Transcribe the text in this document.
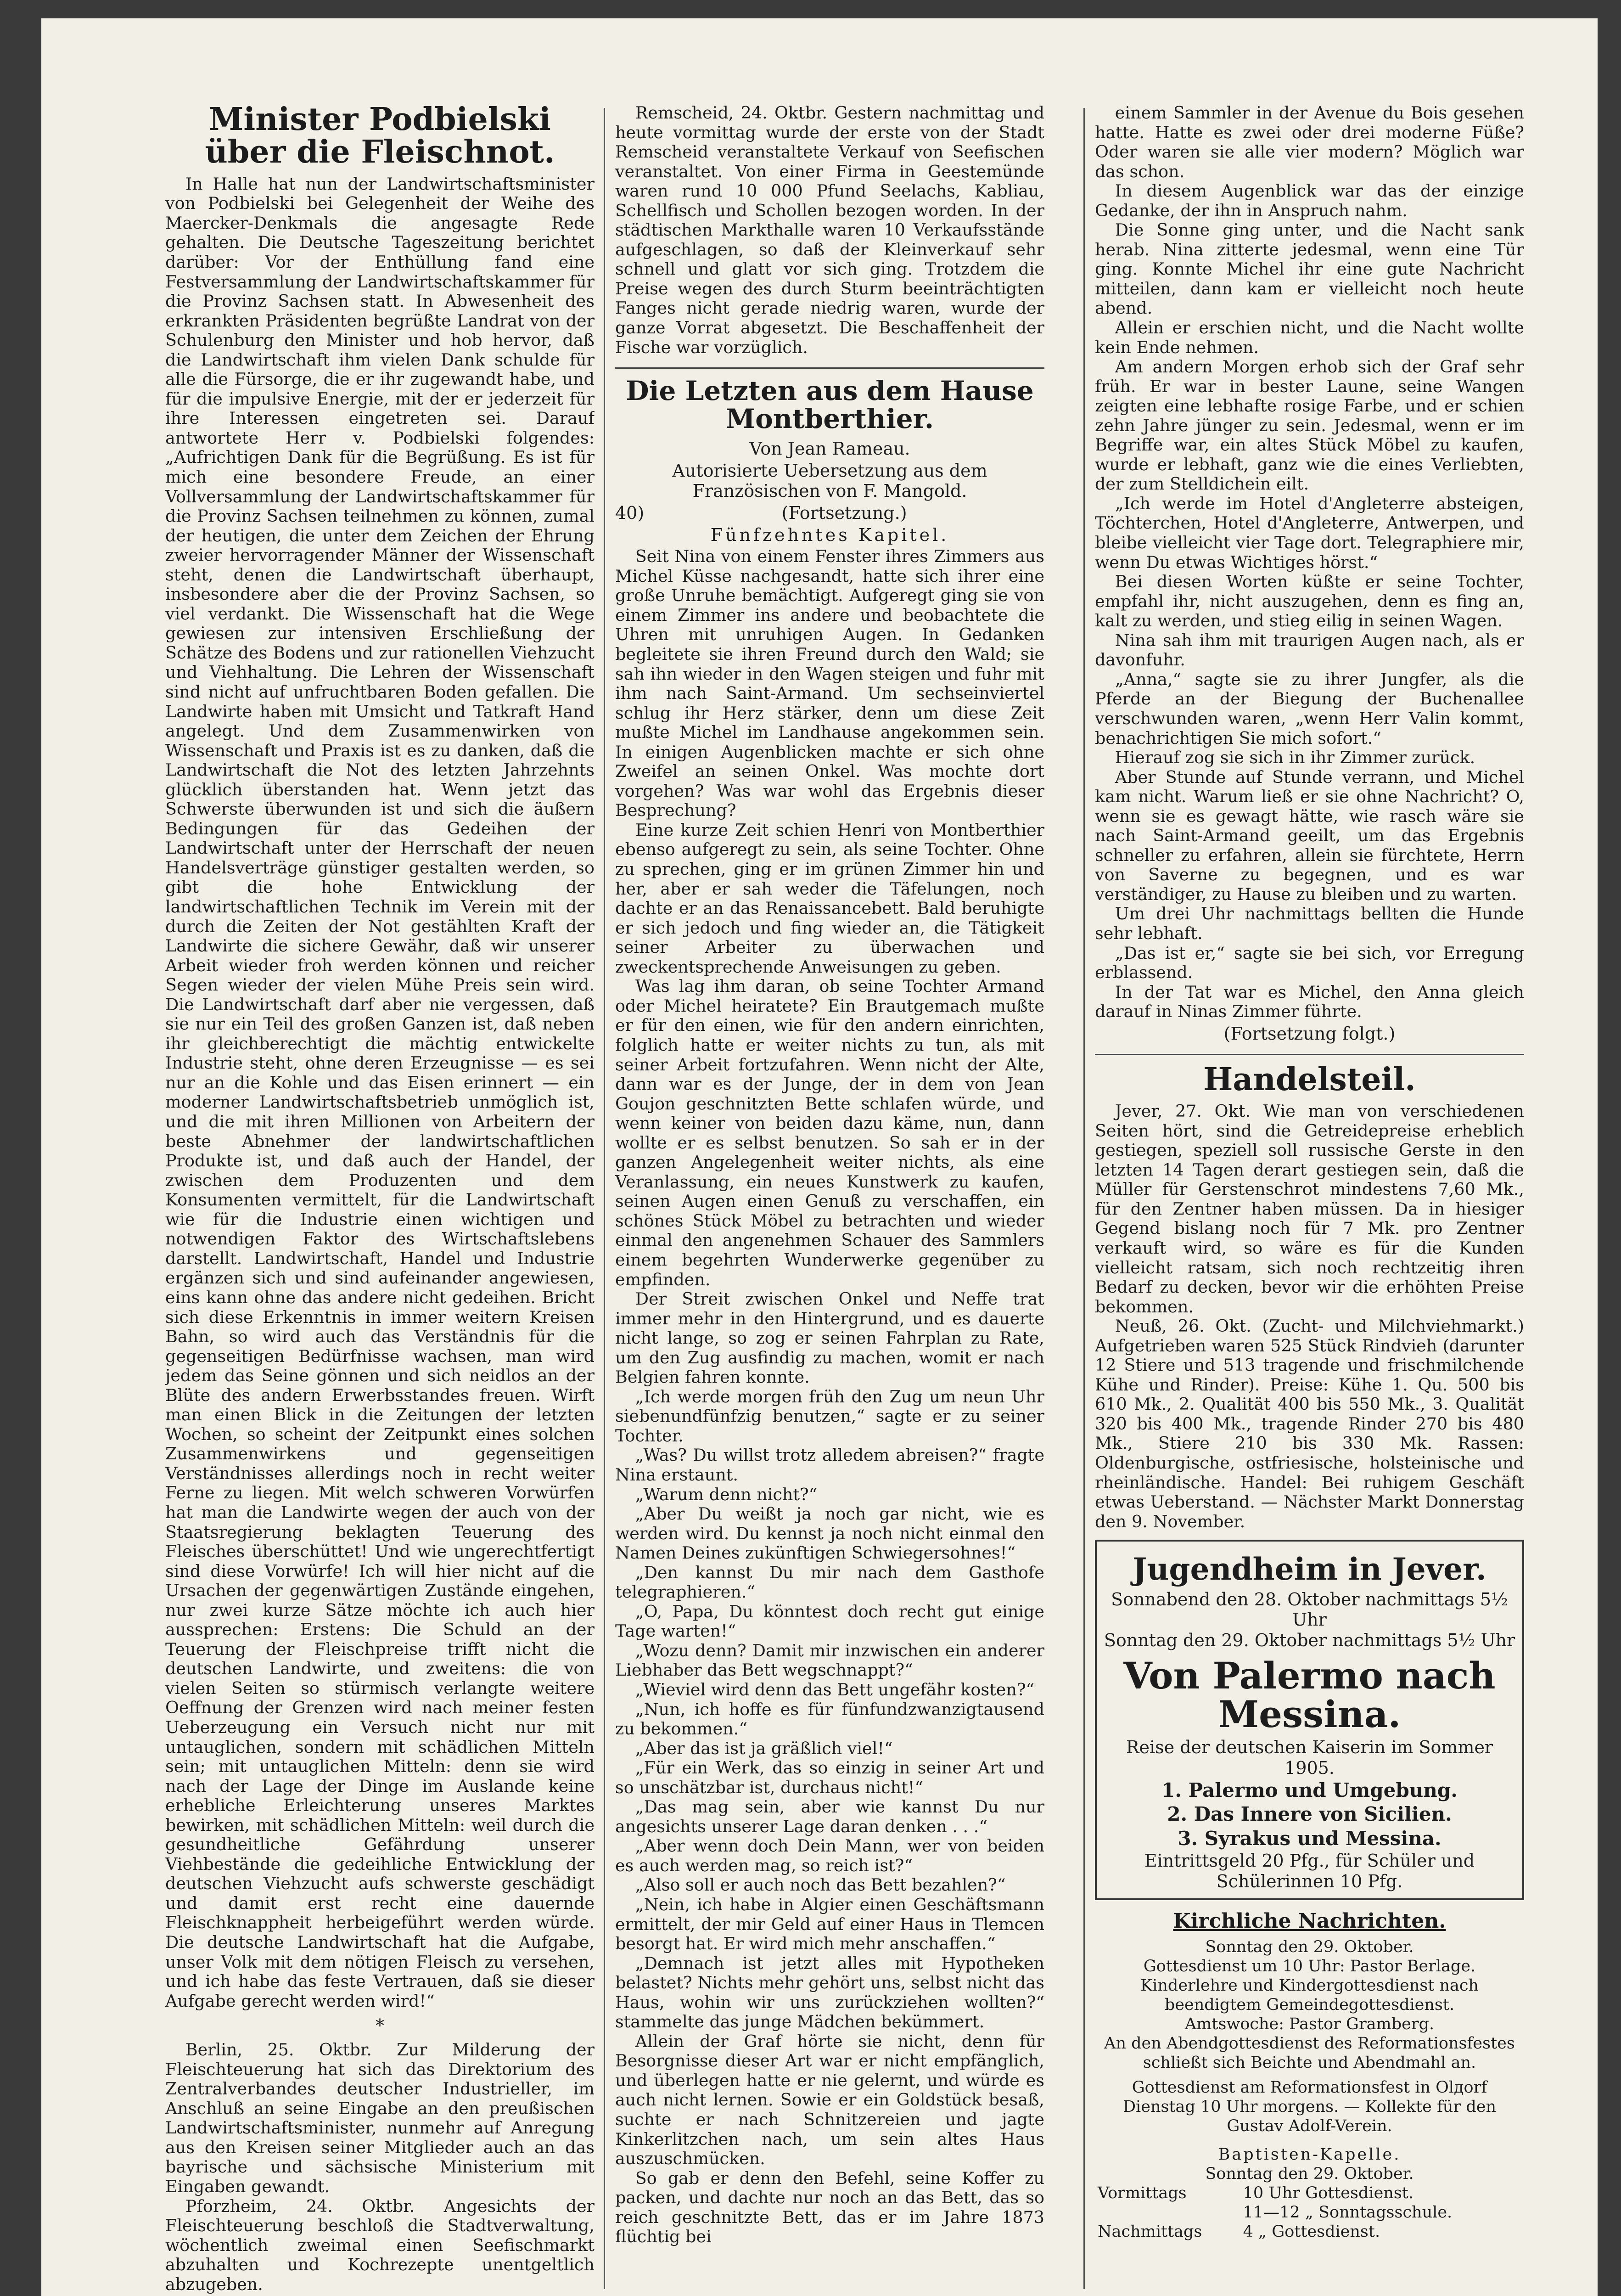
Minister Podbielski über die Fleischnot.

In Halle hat nun der Landwirtschaftsminister von Podbielski bei Gelegenheit der Weihe des Maercker-Denkmals die angesagte Rede gehalten. Die Deutsche Tageszeitung berichtet darüber: Vor der Enthüllung fand eine Festversammlung der Landwirtschaftskammer für die Provinz Sachsen statt. In Abwesenheit des erkrankten Präsidenten begrüßte Landrat von der Schulenburg den Minister und hob hervor, daß die Landwirtschaft ihm vielen Dank schulde für alle die Fürsorge, die er ihr zugewandt habe, und für die impulsive Energie, mit der er jederzeit für ihre Interessen eingetreten sei. Darauf antwortete Herr v. Podbielski folgendes: „Aufrichtigen Dank für die Begrüßung. Es ist für mich eine besondere Freude, an einer Vollversammlung der Landwirtschaftskammer für die Provinz Sachsen teilnehmen zu können, zumal der heutigen, die unter dem Zeichen der Ehrung zweier hervorragender Männer der Wissenschaft steht, denen die Landwirtschaft überhaupt, insbesondere aber die der Provinz Sachsen, so viel verdankt. Die Wissenschaft hat die Wege gewiesen zur intensiven Erschließung der Schätze des Bodens und zur rationellen Viehzucht und Viehhaltung. Die Lehren der Wissenschaft sind nicht auf unfruchtbaren Boden gefallen. Die Landwirte haben mit Umsicht und Tatkraft Hand angelegt. Und dem Zusammenwirken von Wissenschaft und Praxis ist es zu danken, daß die Landwirtschaft die Not des letzten Jahrzehnts glücklich überstanden hat. Wenn jetzt das Schwerste überwunden ist und sich die äußern Bedingungen für das Gedeihen der Landwirtschaft unter der Herrschaft der neuen Handelsverträge günstiger gestalten werden, so gibt die hohe Entwicklung der landwirtschaftlichen Technik im Verein mit der durch die Zeiten der Not gestählten Kraft der Landwirte die sichere Gewähr, daß wir unserer Arbeit wieder froh werden können und reicher Segen wieder der vielen Mühe Preis sein wird. Die Landwirtschaft darf aber nie vergessen, daß sie nur ein Teil des großen Ganzen ist, daß neben ihr gleichberechtigt die mächtig entwickelte Industrie steht, ohne deren Erzeugnisse — es sei nur an die Kohle und das Eisen erinnert — ein moderner Landwirtschaftsbetrieb unmöglich ist, und die mit ihren Millionen von Arbeitern der beste Abnehmer der landwirtschaftlichen Produkte ist, und daß auch der Handel, der zwischen dem Produzenten und dem Konsumenten vermittelt, für die Landwirtschaft wie für die Industrie einen wichtigen und notwendigen Faktor des Wirtschaftslebens darstellt. Landwirtschaft, Handel und Industrie ergänzen sich und sind aufeinander angewiesen, eins kann ohne das andere nicht gedeihen. Bricht sich diese Erkenntnis in immer weitern Kreisen Bahn, so wird auch das Verständnis für die gegenseitigen Bedürfnisse wachsen, man wird jedem das Seine gönnen und sich neidlos an der Blüte des andern Erwerbsstandes freuen. Wirft man einen Blick in die Zeitungen der letzten Wochen, so scheint der Zeitpunkt eines solchen Zusammenwirkens und gegenseitigen Verständnisses allerdings noch in recht weiter Ferne zu liegen. Mit welch schweren Vorwürfen hat man die Landwirte wegen der auch von der Staatsregierung beklagten Teuerung des Fleisches überschüttet! Und wie ungerechtfertigt sind diese Vorwürfe! Ich will hier nicht auf die Ursachen der gegenwärtigen Zustände eingehen, nur zwei kurze Sätze möchte ich auch hier aussprechen: Erstens: Die Schuld an der Teuerung der Fleischpreise trifft nicht die deutschen Landwirte, und zweitens: die von vielen Seiten so stürmisch verlangte weitere Oeffnung der Grenzen wird nach meiner festen Ueberzeugung ein Versuch nicht nur mit untauglichen, sondern mit schädlichen Mitteln sein; mit untauglichen Mitteln: denn sie wird nach der Lage der Dinge im Auslande keine erhebliche Erleichterung unseres Marktes bewirken, mit schädlichen Mitteln: weil durch die gesundheitliche Gefährdung unserer Viehbestände die gedeihliche Entwicklung der deutschen Viehzucht aufs schwerste geschädigt und damit erst recht eine dauernde Fleischknappheit herbeigeführt werden würde. Die deutsche Landwirtschaft hat die Aufgabe, unser Volk mit dem nötigen Fleisch zu versehen, und ich habe das feste Vertrauen, daß sie dieser Aufgabe gerecht werden wird!“

*

Berlin, 25. Oktbr. Zur Milderung der Fleischteuerung hat sich das Direktorium des Zentralverbandes deutscher Industrieller, im Anschluß an seine Eingabe an den preußischen Landwirtschaftsminister, nunmehr auf Anregung aus den Kreisen seiner Mitglieder auch an das bayrische und sächsische Ministerium mit Eingaben gewandt.

Pforzheim, 24. Oktbr. Angesichts der Fleischteuerung beschloß die Stadtverwaltung, wöchentlich zweimal einen Seefischmarkt abzuhalten und Kochrezepte unentgeltlich abzugeben.

Remscheid, 24. Oktbr. Gestern nachmittag und heute vormittag wurde der erste von der Stadt Remscheid veranstaltete Verkauf von Seefischen veranstaltet. Von einer Firma in Geestemünde waren rund 10 000 Pfund Seelachs, Kabliau, Schellfisch und Schollen bezogen worden. In der städtischen Markthalle waren 10 Verkaufsstände aufgeschlagen, so daß der Kleinverkauf sehr schnell und glatt vor sich ging. Trotzdem die Preise wegen des durch Sturm beeinträchtigten Fanges nicht gerade niedrig waren, wurde der ganze Vorrat abgesetzt. Die Beschaffenheit der Fische war vorzüglich.

Die Letzten aus dem Hause Montberthier.
Von Jean Rameau.
Autorisierte Uebersetzung aus dem Französischen von F. Mangold.
40)	(Fortsetzung.)
Fünfzehntes Kapitel.

Seit Nina von einem Fenster ihres Zimmers aus Michel Küsse nachgesandt, hatte sich ihrer eine große Unruhe bemächtigt. Aufgeregt ging sie von einem Zimmer ins andere und beobachtete die Uhren mit unruhigen Augen. In Gedanken begleitete sie ihren Freund durch den Wald; sie sah ihn wieder in den Wagen steigen und fuhr mit ihm nach Saint-Armand. Um sechseinviertel schlug ihr Herz stärker, denn um diese Zeit mußte Michel im Landhause angekommen sein. In einigen Augenblicken machte er sich ohne Zweifel an seinen Onkel. Was mochte dort vorgehen? Was war wohl das Ergebnis dieser Besprechung?

Eine kurze Zeit schien Henri von Montberthier ebenso aufgeregt zu sein, als seine Tochter. Ohne zu sprechen, ging er im grünen Zimmer hin und her, aber er sah weder die Täfelungen, noch dachte er an das Renaissancebett. Bald beruhigte er sich jedoch und fing wieder an, die Tätigkeit seiner Arbeiter zu überwachen und zweckentsprechende Anweisungen zu geben.

Was lag ihm daran, ob seine Tochter Armand oder Michel heiratete? Ein Brautgemach mußte er für den einen, wie für den andern einrichten, folglich hatte er weiter nichts zu tun, als mit seiner Arbeit fortzufahren. Wenn nicht der Alte, dann war es der Junge, der in dem von Jean Goujon geschnitzten Bette schlafen würde, und wenn keiner von beiden dazu käme, nun, dann wollte er es selbst benutzen. So sah er in der ganzen Angelegenheit weiter nichts, als eine Veranlassung, ein neues Kunstwerk zu kaufen, seinen Augen einen Genuß zu verschaffen, ein schönes Stück Möbel zu betrachten und wieder einmal den angenehmen Schauer des Sammlers einem begehrten Wunderwerke gegenüber zu empfinden.

Der Streit zwischen Onkel und Neffe trat immer mehr in den Hintergrund, und es dauerte nicht lange, so zog er seinen Fahrplan zu Rate, um den Zug ausfindig zu machen, womit er nach Belgien fahren konnte.

„Ich werde morgen früh den Zug um neun Uhr siebenundfünfzig benutzen,“ sagte er zu seiner Tochter.

„Was? Du willst trotz alledem abreisen?“ fragte Nina erstaunt.

„Warum denn nicht?“

„Aber Du weißt ja noch gar nicht, wie es werden wird. Du kennst ja noch nicht einmal den Namen Deines zukünftigen Schwiegersohnes!“

„Den kannst Du mir nach dem Gasthofe telegraphieren.“

„O, Papa, Du könntest doch recht gut einige Tage warten!“

„Wozu denn? Damit mir inzwischen ein anderer Liebhaber das Bett wegschnappt?“

„Wieviel wird denn das Bett ungefähr kosten?“

„Nun, ich hoffe es für fünfundzwanzigtausend zu bekommen.“

„Aber das ist ja gräßlich viel!“

„Für ein Werk, das so einzig in seiner Art und so unschätzbar ist, durchaus nicht!“

„Das mag sein, aber wie kannst Du nur angesichts unserer Lage daran denken . . .“

„Aber wenn doch Dein Mann, wer von beiden es auch werden mag, so reich ist?“

„Also soll er auch noch das Bett bezahlen?“

„Nein, ich habe in Algier einen Geschäftsmann ermittelt, der mir Geld auf einer Haus in Tlemcen besorgt hat. Er wird mich mehr anschaffen.“

„Demnach ist jetzt alles mit Hypotheken belastet? Nichts mehr gehört uns, selbst nicht das Haus, wohin wir uns zurückziehen wollten?“ stammelte das junge Mädchen bekümmert.

Allein der Graf hörte sie nicht, denn für Besorgnisse dieser Art war er nicht empfänglich, und überlegen hatte er nie gelernt, und würde es auch nicht lernen. Sowie er ein Goldstück besaß, suchte er nach Schnitzereien und jagte Kinkerlitzchen nach, um sein altes Haus auszuschmücken.

So gab er denn den Befehl, seine Koffer zu packen, und dachte nur noch an das Bett, das so reich geschnitzte Bett, das er im Jahre 1873 flüchtig bei

einem Sammler in der Avenue du Bois gesehen hatte. Hatte es zwei oder drei moderne Füße? Oder waren sie alle vier modern? Möglich war das schon.

In diesem Augenblick war das der einzige Gedanke, der ihn in Anspruch nahm.

Die Sonne ging unter, und die Nacht sank herab. Nina zitterte jedesmal, wenn eine Tür ging. Konnte Michel ihr eine gute Nachricht mitteilen, dann kam er vielleicht noch heute abend.

Allein er erschien nicht, und die Nacht wollte kein Ende nehmen.

Am andern Morgen erhob sich der Graf sehr früh. Er war in bester Laune, seine Wangen zeigten eine lebhafte rosige Farbe, und er schien zehn Jahre jünger zu sein. Jedesmal, wenn er im Begriffe war, ein altes Stück Möbel zu kaufen, wurde er lebhaft, ganz wie die eines Verliebten, der zum Stelldichein eilt.

„Ich werde im Hotel d'Angleterre absteigen, Töchterchen, Hotel d'Angleterre, Antwerpen, und bleibe vielleicht vier Tage dort. Telegraphiere mir, wenn Du etwas Wichtiges hörst.“

Bei diesen Worten küßte er seine Tochter, empfahl ihr, nicht auszugehen, denn es fing an, kalt zu werden, und stieg eilig in seinen Wagen.

Nina sah ihm mit traurigen Augen nach, als er davonfuhr.

„Anna,“ sagte sie zu ihrer Jungfer, als die Pferde an der Biegung der Buchenallee verschwunden waren, „wenn Herr Valin kommt, benachrichtigen Sie mich sofort.“

Hierauf zog sie sich in ihr Zimmer zurück.

Aber Stunde auf Stunde verrann, und Michel kam nicht. Warum ließ er sie ohne Nachricht? O, wenn sie es gewagt hätte, wie rasch wäre sie nach Saint-Armand geeilt, um das Ergebnis schneller zu erfahren, allein sie fürchtete, Herrn von Saverne zu begegnen, und es war verständiger, zu Hause zu bleiben und zu warten.

Um drei Uhr nachmittags bellten die Hunde sehr lebhaft.

„Das ist er,“ sagte sie bei sich, vor Erregung erblassend.

In der Tat war es Michel, den Anna gleich darauf in Ninas Zimmer führte.

(Fortsetzung folgt.)
Handelsteil.

Jever, 27. Okt. Wie man von verschiedenen Seiten hört, sind die Getreidepreise erheblich gestiegen, speziell soll russische Gerste in den letzten 14 Tagen derart gestiegen sein, daß die Müller für Gerstenschrot mindestens 7,60 Mk., für den Zentner haben müssen. Da in hiesiger Gegend bislang noch für 7 Mk. pro Zentner verkauft wird, so wäre es für die Kunden vielleicht ratsam, sich noch rechtzeitig ihren Bedarf zu decken, bevor wir die erhöhten Preise bekommen.

Neuß, 26. Okt. (Zucht- und Milchviehmarkt.) Aufgetrieben waren 525 Stück Rindvieh (darunter 12 Stiere und 513 tragende und frischmilchende Kühe und Rinder). Preise: Kühe 1. Qu. 500 bis 610 Mk., 2. Qualität 400 bis 550 Mk., 3. Qualität 320 bis 400 Mk., tragende Rinder 270 bis 480 Mk., Stiere 210 bis 330 Mk. Rassen: Oldenburgische, ostfriesische, holsteinische und rheinländische. Handel: Bei ruhigem Geschäft etwas Ueberstand. — Nächster Markt Donnerstag den 9. November.

Jugendheim in Jever.

Sonnabend den 28. Oktober nachmittags 5½ Uhr

Sonntag den 29. Oktober nachmittags 5½ Uhr

Von Palermo nach Messina.

Reise der deutschen Kaiserin im Sommer 1905.

1. Palermo und Umgebung.

2. Das Innere von Sicilien.

3. Syrakus und Messina.

Eintrittsgeld 20 Pfg., für Schüler und Schülerinnen 10 Pfg.

Kirchliche Nachrichten.

Sonntag den 29. Oktober.

Gottesdienst um 10 Uhr: Pastor Berlage.

Kinderlehre und Kindergottesdienst nach beendigtem Gemeindegottesdienst.

Amtswoche: Pastor Gramberg.

An den Abendgottesdienst des Reformationsfestes schließt sich Beichte und Abendmahl an.

Gottesdienst am Reformationsfest in Olдorf Dienstag 10 Uhr morgens. — Kollekte für den Gustav Adolf-Verein.

Baptisten-Kapelle.

Sonntag den 29. Oktober.

Vormittags	10 Uhr Gottesdienst.
	11—12 „ Sonntagsschule.
Nachmittags	4 „ Gottesdienst.
